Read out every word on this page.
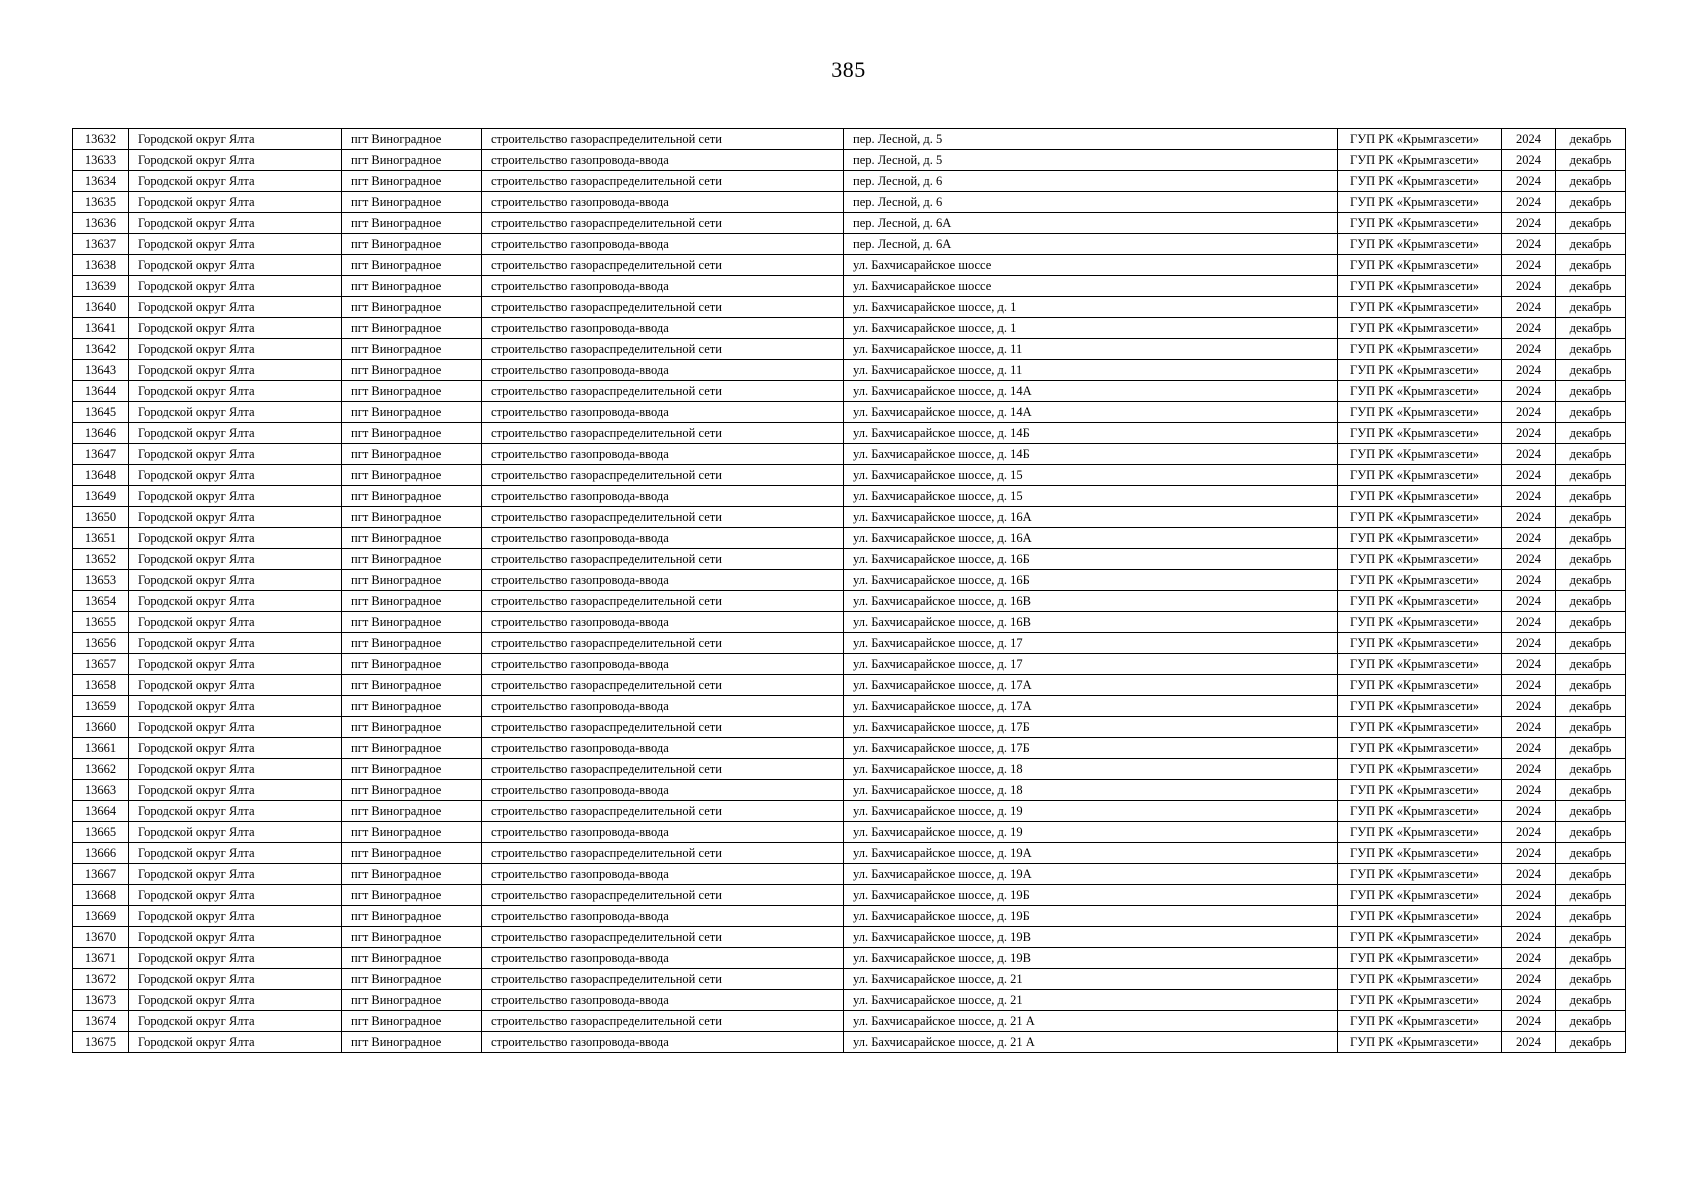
385
13632	Городской округ Ялта	пгт Виноградное	строительство газораспределительной сети	пер. Лесной, д. 5	ГУП РК «Крымгазсети»	2024	декабрь
13633	Городской округ Ялта	пгт Виноградное	строительство газопровода-ввода	пер. Лесной, д. 5	ГУП РК «Крымгазсети»	2024	декабрь
13634	Городской округ Ялта	пгт Виноградное	строительство газораспределительной сети	пер. Лесной, д. 6	ГУП РК «Крымгазсети»	2024	декабрь
13635	Городской округ Ялта	пгт Виноградное	строительство газопровода-ввода	пер. Лесной, д. 6	ГУП РК «Крымгазсети»	2024	декабрь
13636	Городской округ Ялта	пгт Виноградное	строительство газораспределительной сети	пер. Лесной, д. 6А	ГУП РК «Крымгазсети»	2024	декабрь
13637	Городской округ Ялта	пгт Виноградное	строительство газопровода-ввода	пер. Лесной, д. 6А	ГУП РК «Крымгазсети»	2024	декабрь
13638	Городской округ Ялта	пгт Виноградное	строительство газораспределительной сети	ул. Бахчисарайское шоссе	ГУП РК «Крымгазсети»	2024	декабрь
13639	Городской округ Ялта	пгт Виноградное	строительство газопровода-ввода	ул. Бахчисарайское шоссе	ГУП РК «Крымгазсети»	2024	декабрь
13640	Городской округ Ялта	пгт Виноградное	строительство газораспределительной сети	ул. Бахчисарайское шоссе, д. 1	ГУП РК «Крымгазсети»	2024	декабрь
13641	Городской округ Ялта	пгт Виноградное	строительство газопровода-ввода	ул. Бахчисарайское шоссе, д. 1	ГУП РК «Крымгазсети»	2024	декабрь
13642	Городской округ Ялта	пгт Виноградное	строительство газораспределительной сети	ул. Бахчисарайское шоссе, д. 11	ГУП РК «Крымгазсети»	2024	декабрь
13643	Городской округ Ялта	пгт Виноградное	строительство газопровода-ввода	ул. Бахчисарайское шоссе, д. 11	ГУП РК «Крымгазсети»	2024	декабрь
13644	Городской округ Ялта	пгт Виноградное	строительство газораспределительной сети	ул. Бахчисарайское шоссе, д. 14А	ГУП РК «Крымгазсети»	2024	декабрь
13645	Городской округ Ялта	пгт Виноградное	строительство газопровода-ввода	ул. Бахчисарайское шоссе, д. 14А	ГУП РК «Крымгазсети»	2024	декабрь
13646	Городской округ Ялта	пгт Виноградное	строительство газораспределительной сети	ул. Бахчисарайское шоссе, д. 14Б	ГУП РК «Крымгазсети»	2024	декабрь
13647	Городской округ Ялта	пгт Виноградное	строительство газопровода-ввода	ул. Бахчисарайское шоссе, д. 14Б	ГУП РК «Крымгазсети»	2024	декабрь
13648	Городской округ Ялта	пгт Виноградное	строительство газораспределительной сети	ул. Бахчисарайское шоссе, д. 15	ГУП РК «Крымгазсети»	2024	декабрь
13649	Городской округ Ялта	пгт Виноградное	строительство газопровода-ввода	ул. Бахчисарайское шоссе, д. 15	ГУП РК «Крымгазсети»	2024	декабрь
13650	Городской округ Ялта	пгт Виноградное	строительство газораспределительной сети	ул. Бахчисарайское шоссе, д. 16А	ГУП РК «Крымгазсети»	2024	декабрь
13651	Городской округ Ялта	пгт Виноградное	строительство газопровода-ввода	ул. Бахчисарайское шоссе, д. 16А	ГУП РК «Крымгазсети»	2024	декабрь
13652	Городской округ Ялта	пгт Виноградное	строительство газораспределительной сети	ул. Бахчисарайское шоссе, д. 16Б	ГУП РК «Крымгазсети»	2024	декабрь
13653	Городской округ Ялта	пгт Виноградное	строительство газопровода-ввода	ул. Бахчисарайское шоссе, д. 16Б	ГУП РК «Крымгазсети»	2024	декабрь
13654	Городской округ Ялта	пгт Виноградное	строительство газораспределительной сети	ул. Бахчисарайское шоссе, д. 16В	ГУП РК «Крымгазсети»	2024	декабрь
13655	Городской округ Ялта	пгт Виноградное	строительство газопровода-ввода	ул. Бахчисарайское шоссе, д. 16В	ГУП РК «Крымгазсети»	2024	декабрь
13656	Городской округ Ялта	пгт Виноградное	строительство газораспределительной сети	ул. Бахчисарайское шоссе, д. 17	ГУП РК «Крымгазсети»	2024	декабрь
13657	Городской округ Ялта	пгт Виноградное	строительство газопровода-ввода	ул. Бахчисарайское шоссе, д. 17	ГУП РК «Крымгазсети»	2024	декабрь
13658	Городской округ Ялта	пгт Виноградное	строительство газораспределительной сети	ул. Бахчисарайское шоссе, д. 17А	ГУП РК «Крымгазсети»	2024	декабрь
13659	Городской округ Ялта	пгт Виноградное	строительство газопровода-ввода	ул. Бахчисарайское шоссе, д. 17А	ГУП РК «Крымгазсети»	2024	декабрь
13660	Городской округ Ялта	пгт Виноградное	строительство газораспределительной сети	ул. Бахчисарайское шоссе, д. 17Б	ГУП РК «Крымгазсети»	2024	декабрь
13661	Городской округ Ялта	пгт Виноградное	строительство газопровода-ввода	ул. Бахчисарайское шоссе, д. 17Б	ГУП РК «Крымгазсети»	2024	декабрь
13662	Городской округ Ялта	пгт Виноградное	строительство газораспределительной сети	ул. Бахчисарайское шоссе, д. 18	ГУП РК «Крымгазсети»	2024	декабрь
13663	Городской округ Ялта	пгт Виноградное	строительство газопровода-ввода	ул. Бахчисарайское шоссе, д. 18	ГУП РК «Крымгазсети»	2024	декабрь
13664	Городской округ Ялта	пгт Виноградное	строительство газораспределительной сети	ул. Бахчисарайское шоссе, д. 19	ГУП РК «Крымгазсети»	2024	декабрь
13665	Городской округ Ялта	пгт Виноградное	строительство газопровода-ввода	ул. Бахчисарайское шоссе, д. 19	ГУП РК «Крымгазсети»	2024	декабрь
13666	Городской округ Ялта	пгт Виноградное	строительство газораспределительной сети	ул. Бахчисарайское шоссе, д. 19А	ГУП РК «Крымгазсети»	2024	декабрь
13667	Городской округ Ялта	пгт Виноградное	строительство газопровода-ввода	ул. Бахчисарайское шоссе, д. 19А	ГУП РК «Крымгазсети»	2024	декабрь
13668	Городской округ Ялта	пгт Виноградное	строительство газораспределительной сети	ул. Бахчисарайское шоссе, д. 19Б	ГУП РК «Крымгазсети»	2024	декабрь
13669	Городской округ Ялта	пгт Виноградное	строительство газопровода-ввода	ул. Бахчисарайское шоссе, д. 19Б	ГУП РК «Крымгазсети»	2024	декабрь
13670	Городской округ Ялта	пгт Виноградное	строительство газораспределительной сети	ул. Бахчисарайское шоссе, д. 19В	ГУП РК «Крымгазсети»	2024	декабрь
13671	Городской округ Ялта	пгт Виноградное	строительство газопровода-ввода	ул. Бахчисарайское шоссе, д. 19В	ГУП РК «Крымгазсети»	2024	декабрь
13672	Городской округ Ялта	пгт Виноградное	строительство газораспределительной сети	ул. Бахчисарайское шоссе, д. 21	ГУП РК «Крымгазсети»	2024	декабрь
13673	Городской округ Ялта	пгт Виноградное	строительство газопровода-ввода	ул. Бахчисарайское шоссе, д. 21	ГУП РК «Крымгазсети»	2024	декабрь
13674	Городской округ Ялта	пгт Виноградное	строительство газораспределительной сети	ул. Бахчисарайское шоссе, д. 21 А	ГУП РК «Крымгазсети»	2024	декабрь
13675	Городской округ Ялта	пгт Виноградное	строительство газопровода-ввода	ул. Бахчисарайское шоссе, д. 21 А	ГУП РК «Крымгазсети»	2024	декабрь
